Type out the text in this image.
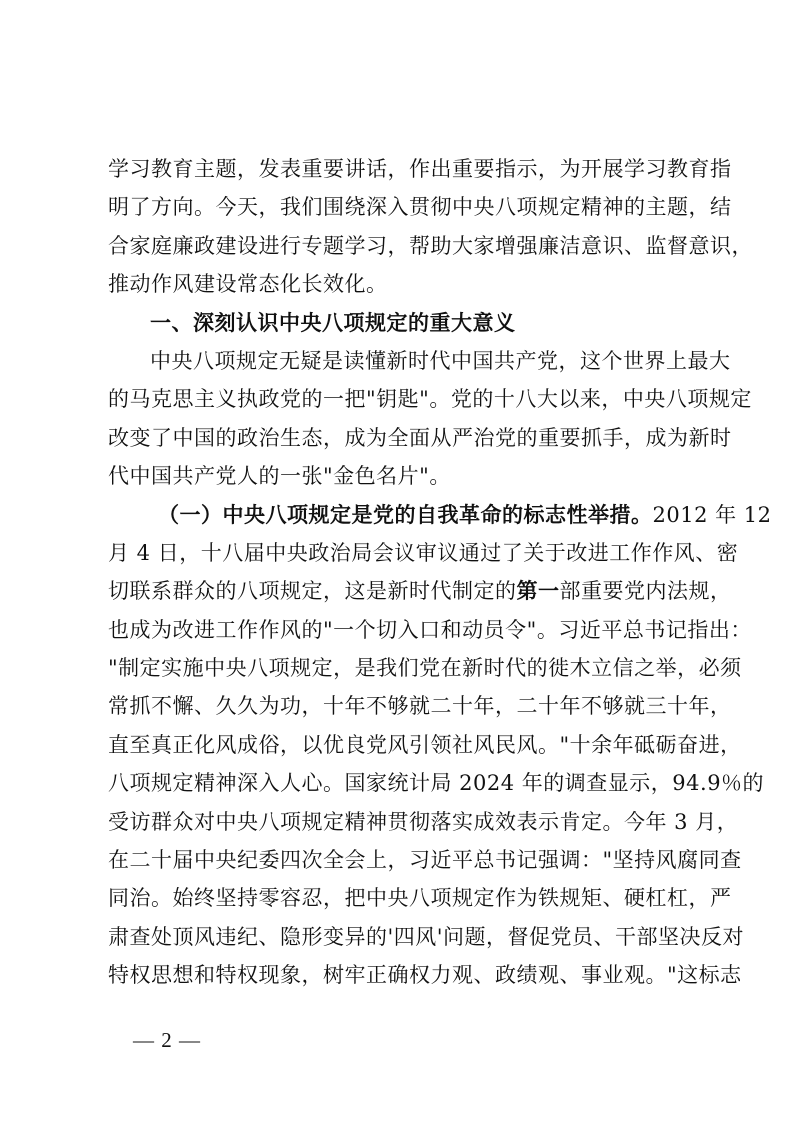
学习教育主题，发表重要讲话，作出重要指示，为开展学习教育指
明了方向。今天，我们围绕深入贯彻中央八项规定精神的主题，结
合家庭廉政建设进行专题学习，帮助大家增强廉洁意识、监督意识，
推动作风建设常态化长效化。
一、深刻认识中央八项规定的重大意义
中央八项规定无疑是读懂新时代中国共产党，这个世界上最大
的马克思主义执政党的一把"钥匙"。党的十八大以来，中央八项规定
改变了中国的政治生态，成为全面从严治党的重要抓手，成为新时
代中国共产党人的一张"金色名片"。
（一）中央八项规定是党的自我革命的标志性举措。2012 年 12
月 4 日，十八届中央政治局会议审议通过了关于改进工作作风、密
切联系群众的八项规定，这是新时代制定的第一部重要党内法规，
也成为改进工作作风的"一个切入口和动员令"。习近平总书记指出：
"制定实施中央八项规定，是我们党在新时代的徙木立信之举，必须
常抓不懈、久久为功，十年不够就二十年，二十年不够就三十年，
直至真正化风成俗，以优良党风引领社风民风。"十余年砥砺奋进，
八项规定精神深入人心。国家统计局 2024 年的调查显示，94.9％的
受访群众对中央八项规定精神贯彻落实成效表示肯定。今年 3 月，
在二十届中央纪委四次全会上，习近平总书记强调："坚持风腐同查
同治。始终坚持零容忍，把中央八项规定作为铁规矩、硬杠杠，严
肃查处顶风违纪、隐形变异的'四风'问题，督促党员、干部坚决反对
特权思想和特权现象，树牢正确权力观、政绩观、事业观。"这标志
— 2 —
